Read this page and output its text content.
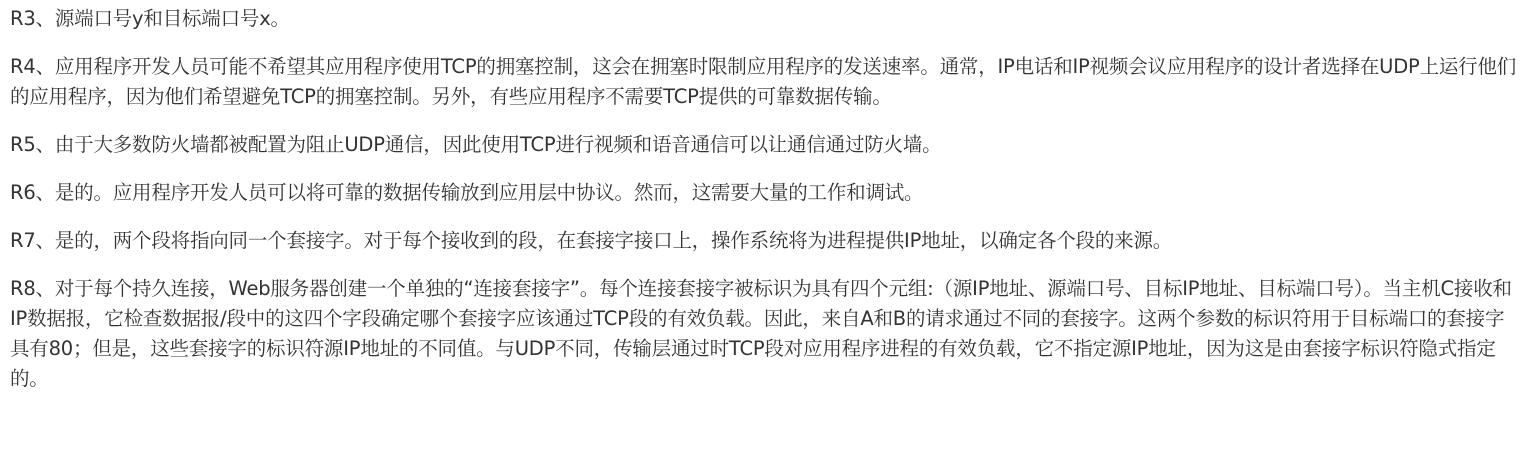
R3、源端口号y和目标端口号x。

R4、应用程序开发人员可能不希望其应用程序使用TCP的拥塞控制，这会在拥塞时限制应用程序的发送速率。通常，IP电话和IP视频会议应用程序的设计者选择在UDP上运行他们的应用程序，因为他们希望避免TCP的拥塞控制。另外，有些应用程序不需要TCP提供的可靠数据传输。

R5、由于大多数防火墙都被配置为阻止UDP通信，因此使用TCP进行视频和语音通信可以让通信通过防火墙。

R6、是的。应用程序开发人员可以将可靠的数据传输放到应用层中协议。然而，这需要大量的工作和调试。

R7、是的，两个段将指向同一个套接字。对于每个接收到的段，在套接字接口上，操作系统将为进程提供IP地址，以确定各个段的来源。

R8、对于每个持久连接，Web服务器创建一个单独的“连接套接字”。每个连接套接字被标识为具有四个元组:（源IP地址、源端口号、目标IP地址、目标端口号）。当主机C接收和IP数据报，它检查数据报/段中的这四个字段确定哪个套接字应该通过TCP段的有效负载。因此，来自A和B的请求通过不同的套接字。这两个参数的标识符用于目标端口的套接字具有80；但是，这些套接字的标识符源IP地址的不同值。与UDP不同，传输层通过时TCP段对应用程序进程的有效负载，它不指定源IP地址，因为这是由套接字标识符隐式指定的。
